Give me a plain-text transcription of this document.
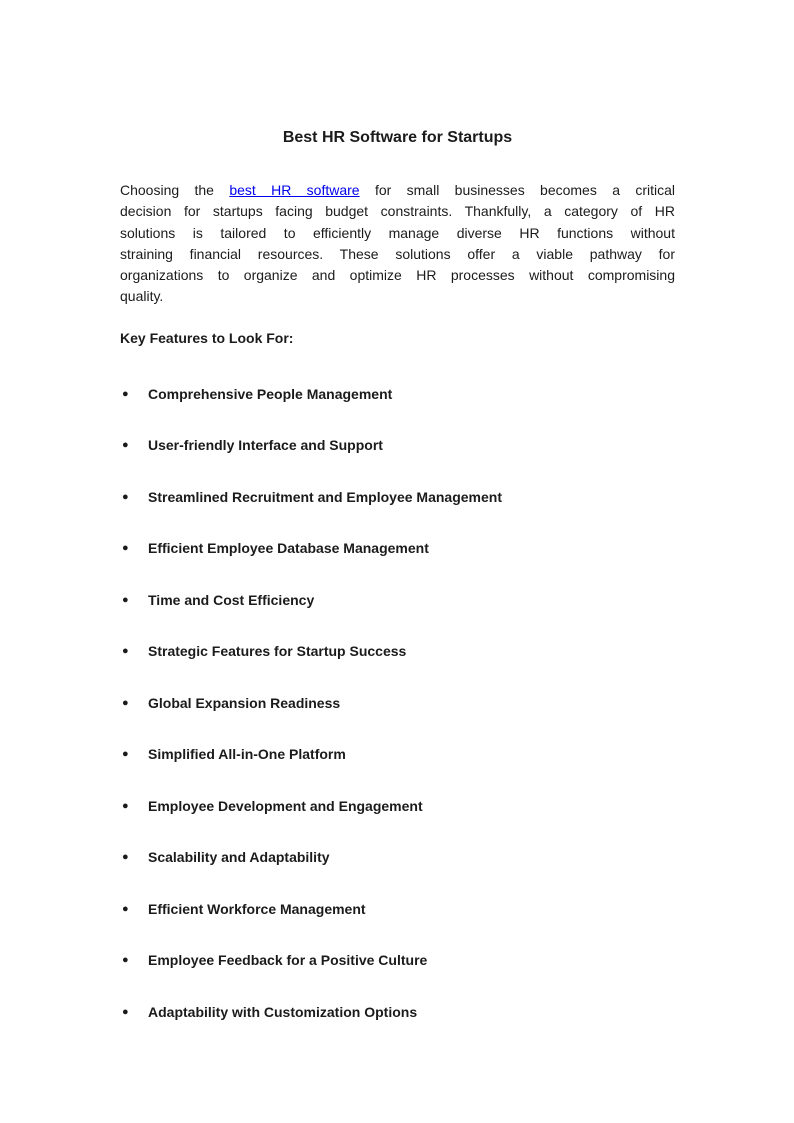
Best HR Software for Startups
Choosing the best HR software for small businesses becomes a critical
decision for startups facing budget constraints. Thankfully, a category of HR
solutions is tailored to efficiently manage diverse HR functions without
straining financial resources. These solutions offer a viable pathway for
organizations to organize and optimize HR processes without compromising
quality.
Key Features to Look For:
●	Comprehensive People Management
●	User-friendly Interface and Support
●	Streamlined Recruitment and Employee Management
●	Efficient Employee Database Management
●	Time and Cost Efficiency
●	Strategic Features for Startup Success
●	Global Expansion Readiness
●	Simplified All-in-One Platform
●	Employee Development and Engagement
●	Scalability and Adaptability
●	Efficient Workforce Management
●	Employee Feedback for a Positive Culture
●	Adaptability with Customization Options
